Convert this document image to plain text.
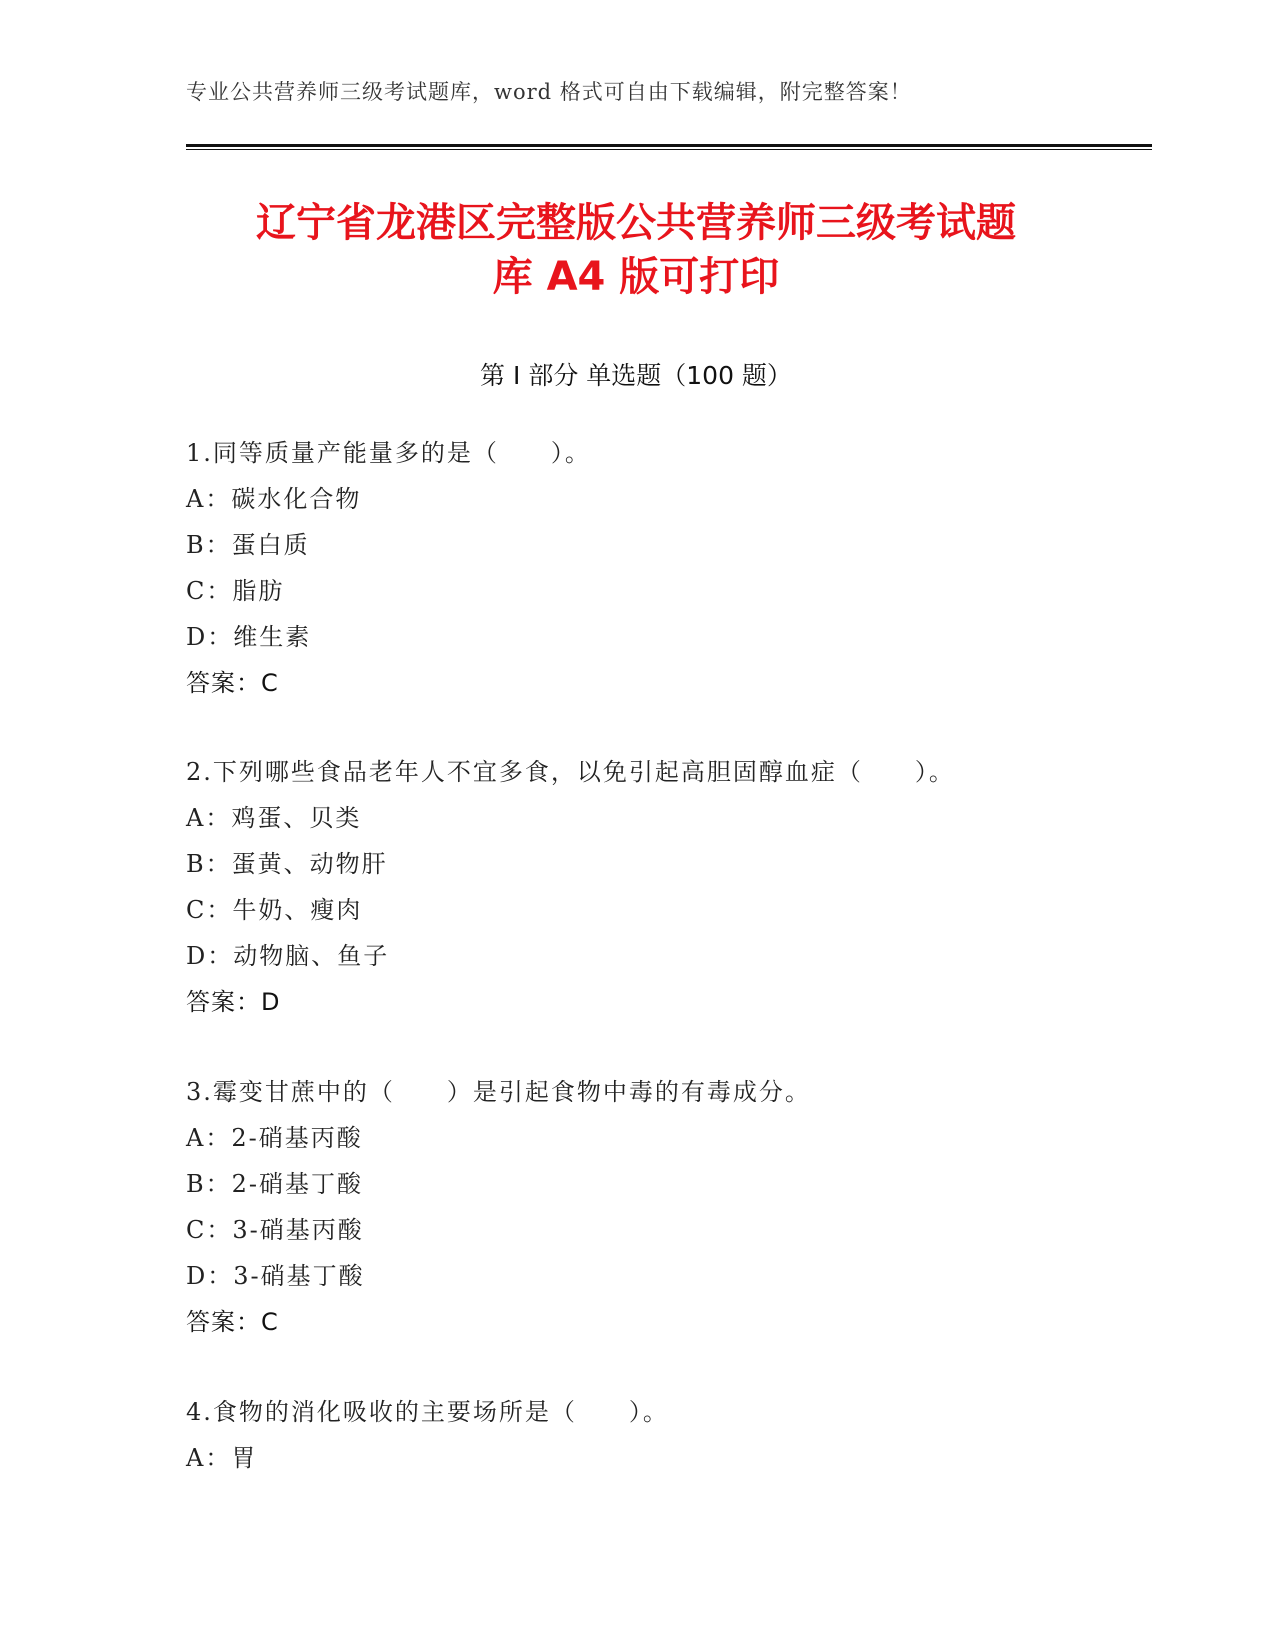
专业公共营养师三级考试题库，word 格式可自由下载编辑，附完整答案！
辽宁省龙港区完整版公共营养师三级考试题
库 A4 版可打印
第 I 部分 单选题（100 题）
1.同等质量产能量多的是（　　）。
A：碳水化合物
B：蛋白质
C：脂肪
D：维生素
答案：C
2.下列哪些食品老年人不宜多食，以免引起高胆固醇血症（　　）。
A：鸡蛋、贝类
B：蛋黄、动物肝
C：牛奶、瘦肉
D：动物脑、鱼子
答案：D
3.霉变甘蔗中的（　　）是引起食物中毒的有毒成分。
A：2-硝基丙酸
B：2-硝基丁酸
C：3-硝基丙酸
D：3-硝基丁酸
答案：C
4.食物的消化吸收的主要场所是（　　）。
A：胃
